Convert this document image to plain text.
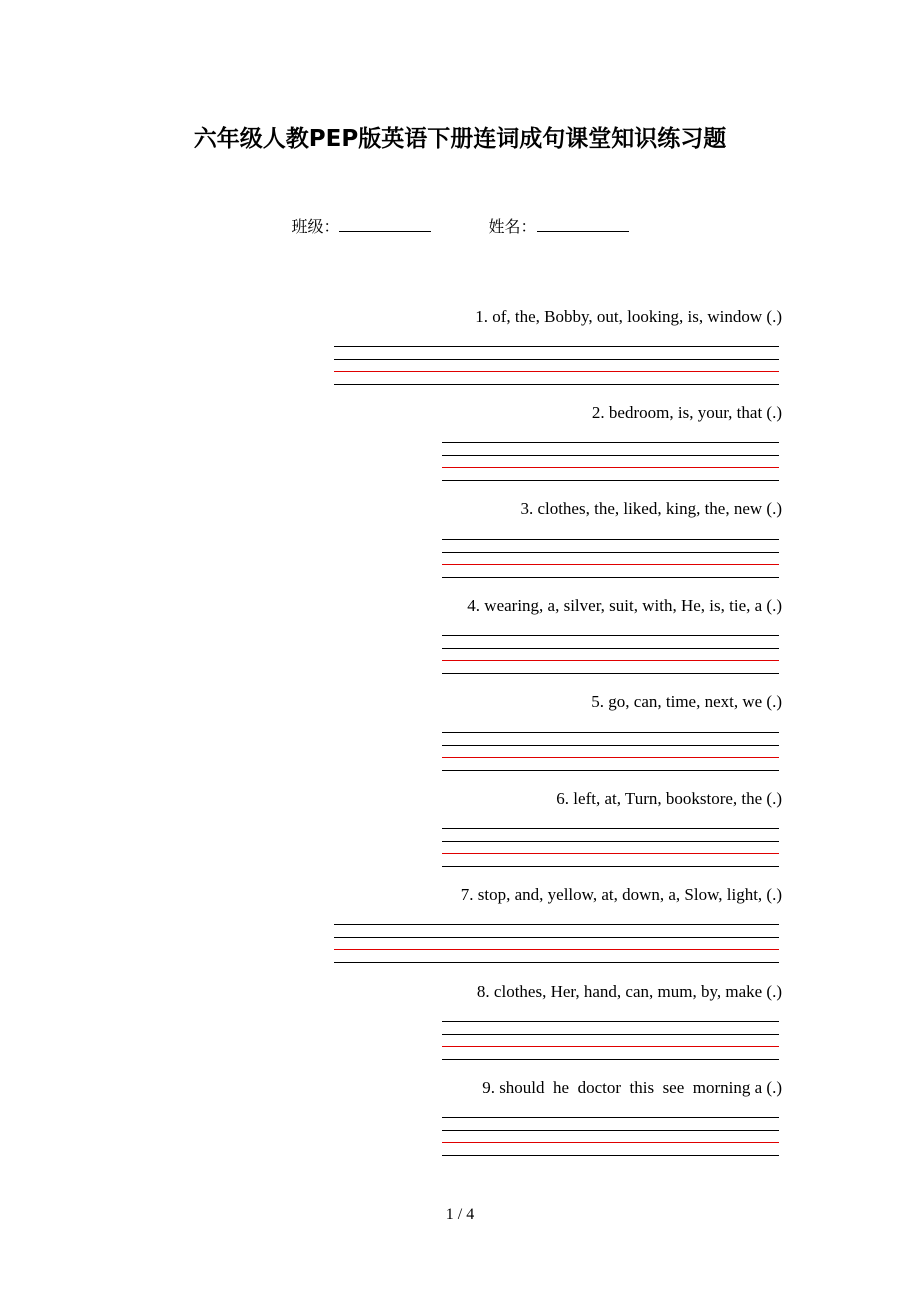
六年级人教PEP版英语下册连词成句课堂知识练习题
班级：	姓名：
1. of, the, Bobby, out, looking, is, window (.)
2. bedroom, is, your, that (.)
3. clothes, the, liked, king, the, new (.)
4. wearing, a, silver, suit, with, He, is, tie, a (.)
5. go, can, time, next, we (.)
6. left, at, Turn, bookstore, the (.)
7. stop, and, yellow, at, down, a, Slow, light, (.)
8. clothes, Her, hand, can, mum, by, make (.)
9. should  he  doctor  this  see  morning a (.)
1 / 4
